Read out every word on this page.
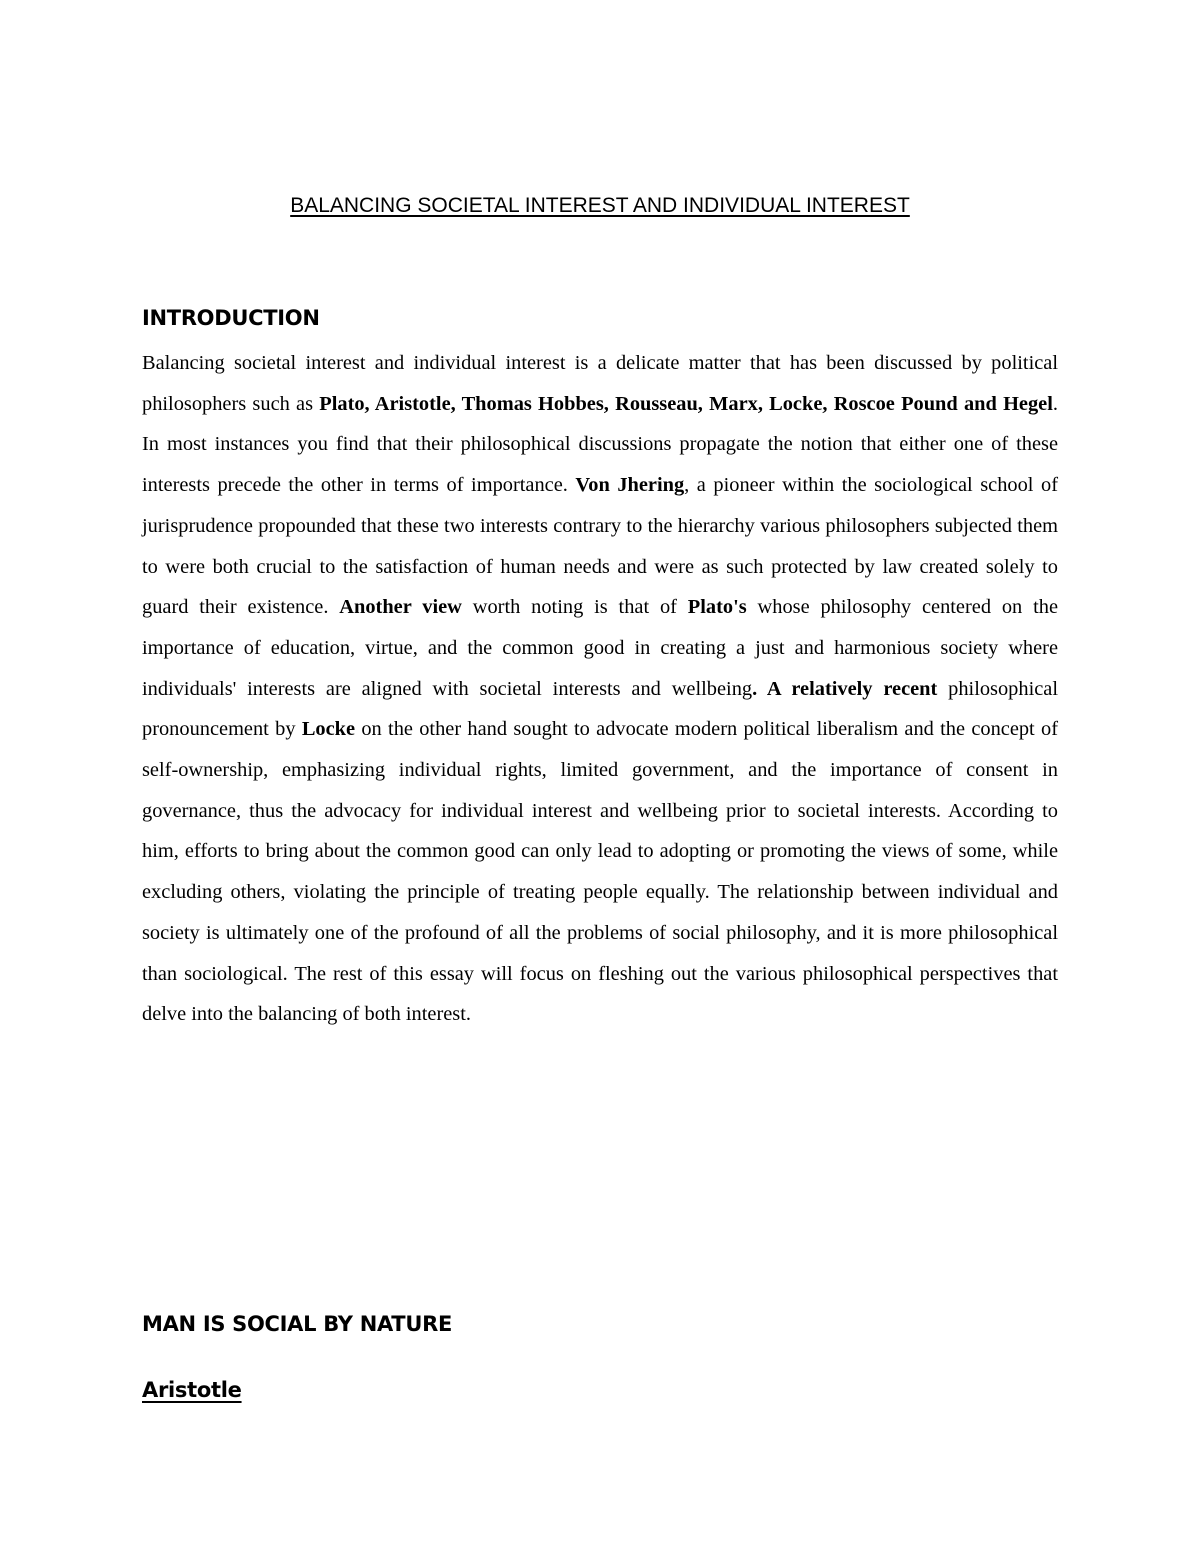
BALANCING SOCIETAL INTEREST AND INDIVIDUAL INTEREST
INTRODUCTION

Balancing societal interest and individual interest is a delicate matter that has been discussed by political philosophers such as Plato, Aristotle, Thomas Hobbes, Rousseau, Marx, Locke, Roscoe Pound and Hegel. In most instances you find that their philosophical discussions propagate the notion that either one of these interests precede the other in terms of importance. Von Jhering, a pioneer within the sociological school of jurisprudence propounded that these two interests contrary to the hierarchy various philosophers subjected them to were both crucial to the satisfaction of human needs and were as such protected by law created solely to guard their existence. Another view worth noting is that of Plato's whose philosophy centered on the importance of education, virtue, and the common good in creating a just and harmonious society where individuals' interests are aligned with societal interests and wellbeing. A relatively recent philosophical pronouncement by Locke on the other hand sought to advocate modern political liberalism and the concept of self-ownership, emphasizing individual rights, limited government, and the importance of consent in governance, thus the advocacy for individual interest and wellbeing prior to societal interests. According to him, efforts to bring about the common good can only lead to adopting or promoting the views of some, while excluding others, violating the principle of treating people equally. The relationship between individual and society is ultimately one of the profound of all the problems of social philosophy, and it is more philosophical than sociological. The rest of this essay will focus on fleshing out the various philosophical perspectives that delve into the balancing of both interest.

MAN IS SOCIAL BY NATURE
Aristotle
